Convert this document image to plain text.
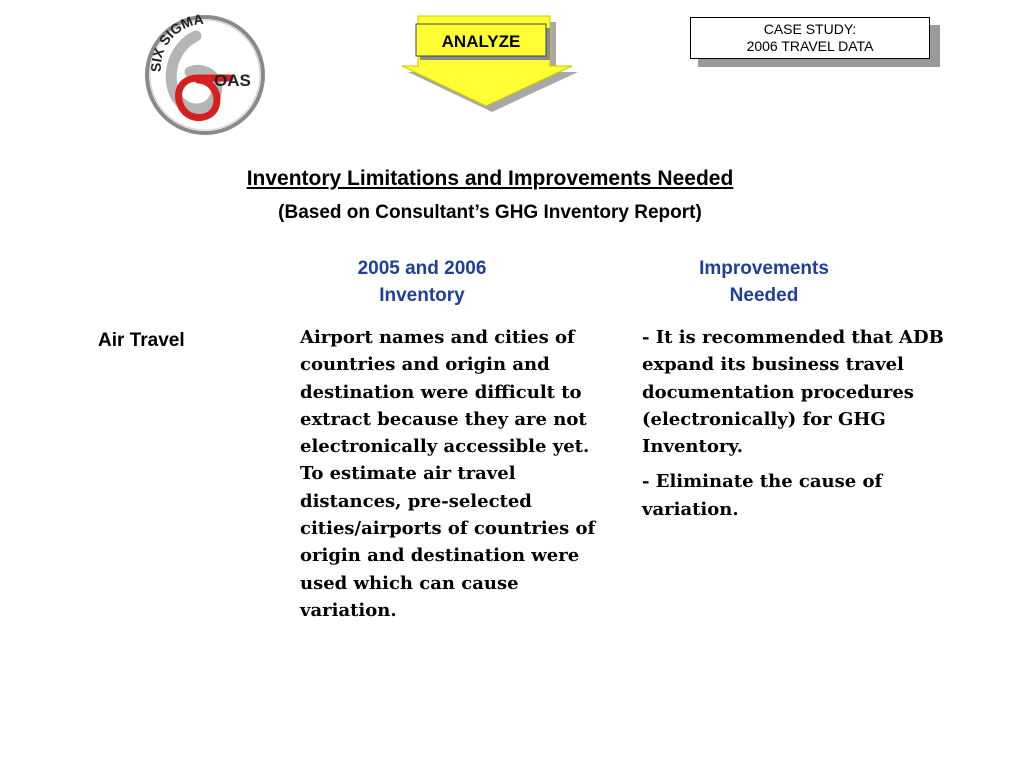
SIX SIGMA
OAS
ANALYZE
CASE STUDY:
2006 TRAVEL DATA
Inventory Limitations and Improvements Needed
(Based on Consultant’s GHG Inventory Report)
2005 and 2006
Inventory
Improvements
Needed
Air Travel	Airport names and cities of countries and origin and destination were difficult to extract because they are not electronically accessible yet. To estimate air travel distances, pre-selected cities/airports of countries of origin and destination were used which can cause variation.

- It is recommended that ADB expand its business travel documentation procedures (electronically) for GHG Inventory.

- Eliminate the cause of variation.
